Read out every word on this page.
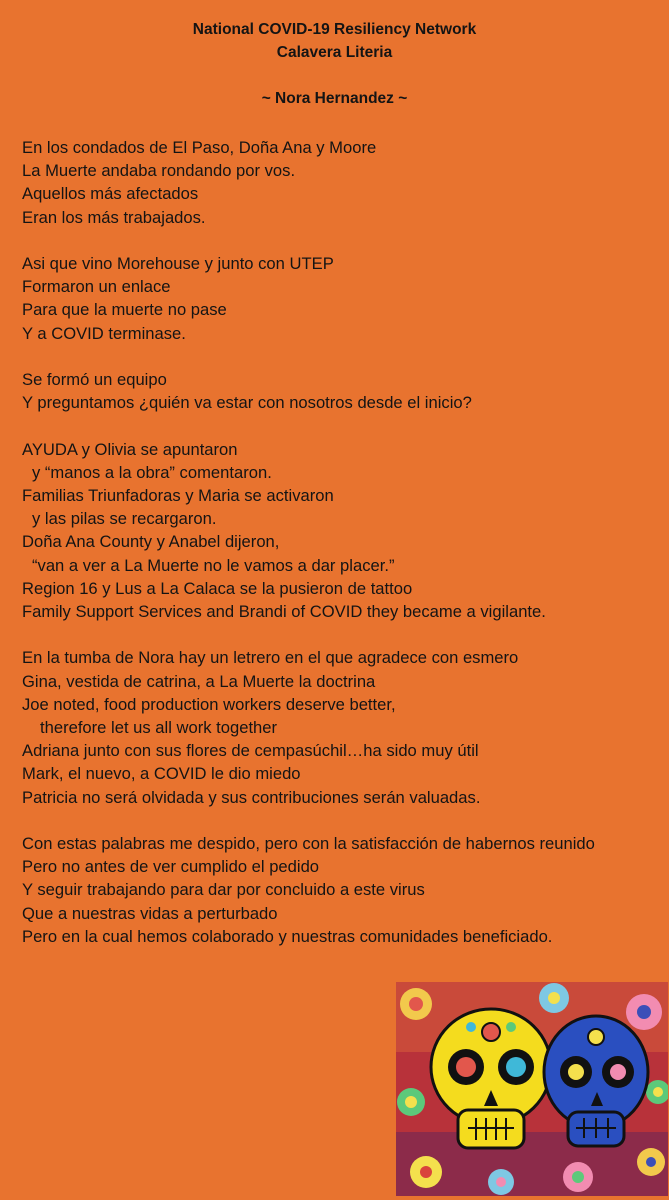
National COVID-19 Resiliency Network
Calavera Literia
~ Nora Hernandez ~
En los condados de El Paso, Doña Ana y Moore
La Muerte andaba rondando por vos.
Aquellos más afectados
Eran los más trabajados.
Asi que vino Morehouse y junto con UTEP
Formaron un enlace
Para que la muerte no pase
Y a COVID terminase.
Se formó un equipo
Y preguntamos ¿quién va estar con nosotros desde el inicio?
AYUDA y Olivia se apuntaron
y “manos a la obra” comentaron.
Familias Triunfadoras y Maria se activaron
y las pilas se recargaron.
Doña Ana County y Anabel dijeron,
“van a ver a La Muerte no le vamos a dar placer.”
Region 16 y Lus a La Calaca se la pusieron de tattoo
Family Support Services and Brandi of COVID they became a vigilante.
En la tumba de Nora hay un letrero en el que agradece con esmero
Gina, vestida de catrina, a La Muerte la doctrina
Joe noted, food production workers deserve better,
therefore let us all work together
Adriana junto con sus flores de cempasúchil…ha sido muy útil
Mark, el nuevo, a COVID le dio miedo
Patricia no será olvidada y sus contribuciones serán valuadas.
Con estas palabras me despido, pero con la satisfacción de habernos reunido
Pero no antes de ver cumplido el pedido
Y seguir trabajando para dar por concluido a este virus
Que a nuestras vidas a perturbado
Pero en la cual hemos colaborado y nuestras comunidades beneficiado.
